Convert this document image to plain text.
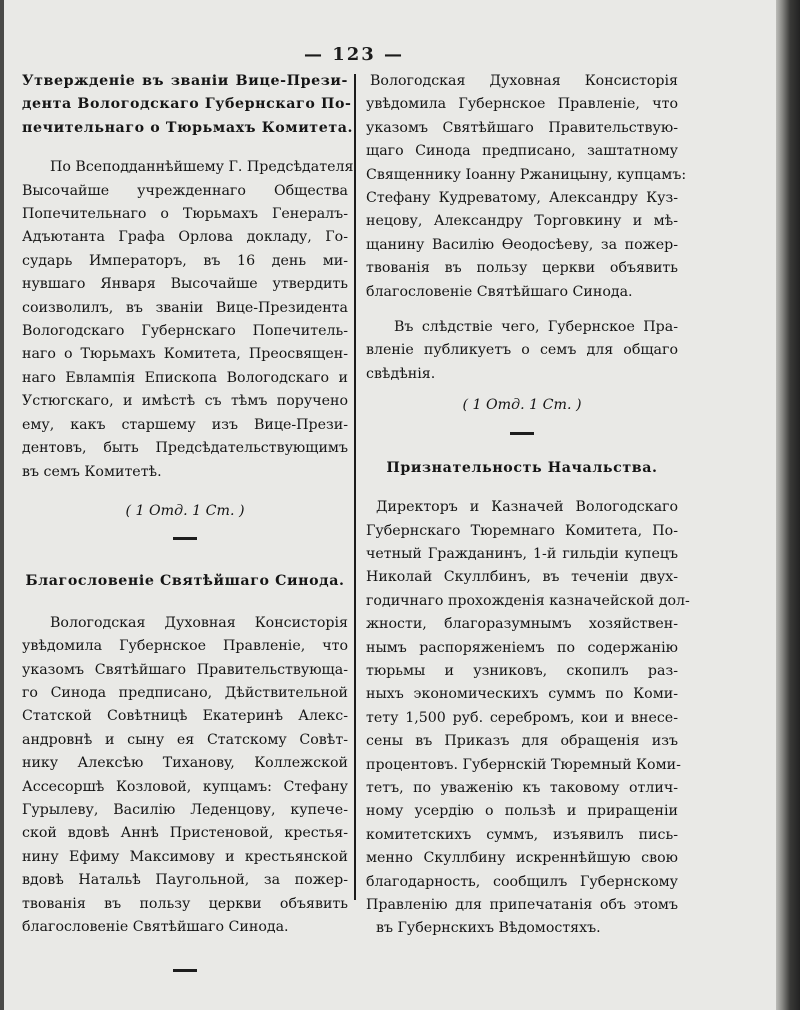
— 123 —
Утвержденіе въ званіи Вице-Прези-
дента Вологодскаго Губернскаго По-
печительнаго о Тюрьмахъ Комитета.
По Всеподданнѣйшему Г. Предсѣдателя
Высочайше учрежденнаго Общества
Попечительнаго о Тюрьмахъ Генералъ-
Адъютанта Графа Орлова докладу, Го-
сударь Императоръ, въ 16 день ми-
нувшаго Января Высочайше утвердить
соизволилъ, въ званіи Вице-Президента
Вологодскаго Губернскаго Попечитель-
наго о Тюрьмахъ Комитета, Преосвящен-
наго Евлампія Епископа Вологодскаго и
Устюгскаго, и имѣстѣ съ тѣмъ поручено
ему, какъ старшему изъ Вице-Прези-
дентовъ, быть Предсѣдательствующимъ
въ семъ Комитетѣ.
( 1 Отд. 1 Ст. )
Благословеніе Святѣйшаго Синода.
Вологодская Духовная Консисторія
увѣдомила Губернское Правленіе, что
указомъ Святѣйшаго Правительствующа-
го Синода предписано, Дѣйствительной
Статской Совѣтницѣ Екатеринѣ Алекс-
андровнѣ и сыну ея Статскому Совѣт-
нику Алексѣю Тихановy, Коллежской
Ассесоршѣ Козловой, купцамъ: Стефану
Гурылеву, Василію Леденцову, купече-
ской вдовѣ Аннѣ Пристеновой, крестья-
нину Ефиму Максимову и крестьянской
вдовѣ Натальѣ Паугольной, за пожер-
твованія въ пользу церкви объявить
благословеніе Святѣйшаго Синода.
Вологодская Духовная Консисторія
увѣдомила Губернское Правленіе, что
указомъ Святѣйшаго Правительствую-
щаго Синода предписано, заштатному
Священнику Іоанну Ржаницыну, купцамъ:
Стефану Кудреватому, Александру Куз-
нецову, Александру Торговкину и мѣ-
щанину Василію Өеодосѣеву, за пожер-
твованія въ пользу церкви объявить
благословеніе Святѣйшаго Синода.
Въ слѣдствіе чего, Губернское Пра-
вленіе публикуетъ о семъ для общаго
свѣдѣнія.
( 1 Отд. 1 Ст. )
Признательность Начальства.
Директоръ и Казначей Вологодскаго
Губернскаго Тюремнаго Комитета, По-
четный Гражданинъ, 1-й гильдіи купецъ
Николай Скуллбинъ, въ теченіи двух-
годичнаго прохожденія казначейской дол-
жности, благоразумнымъ хозяйствен-
нымъ распоряженіемъ по содержанію
тюрьмы и узниковъ, скопилъ раз-
ныхъ экономическихъ суммъ по Коми-
тету 1,500 руб. серебромъ, кои и внесе-
сены въ Приказъ для обращенія изъ
процентовъ. Губернскій Тюремный Коми-
тетъ, по уваженію къ таковому отлич-
ному усердію о пользѣ и приращеніи
комитетскихъ суммъ, изъявилъ пись-
менно Скуллбину искреннѣйшую свою
благодарность, сообщилъ Губернскому
Правленію для припечатанія объ этомъ
въ Губернскихъ Вѣдомостяхъ.
